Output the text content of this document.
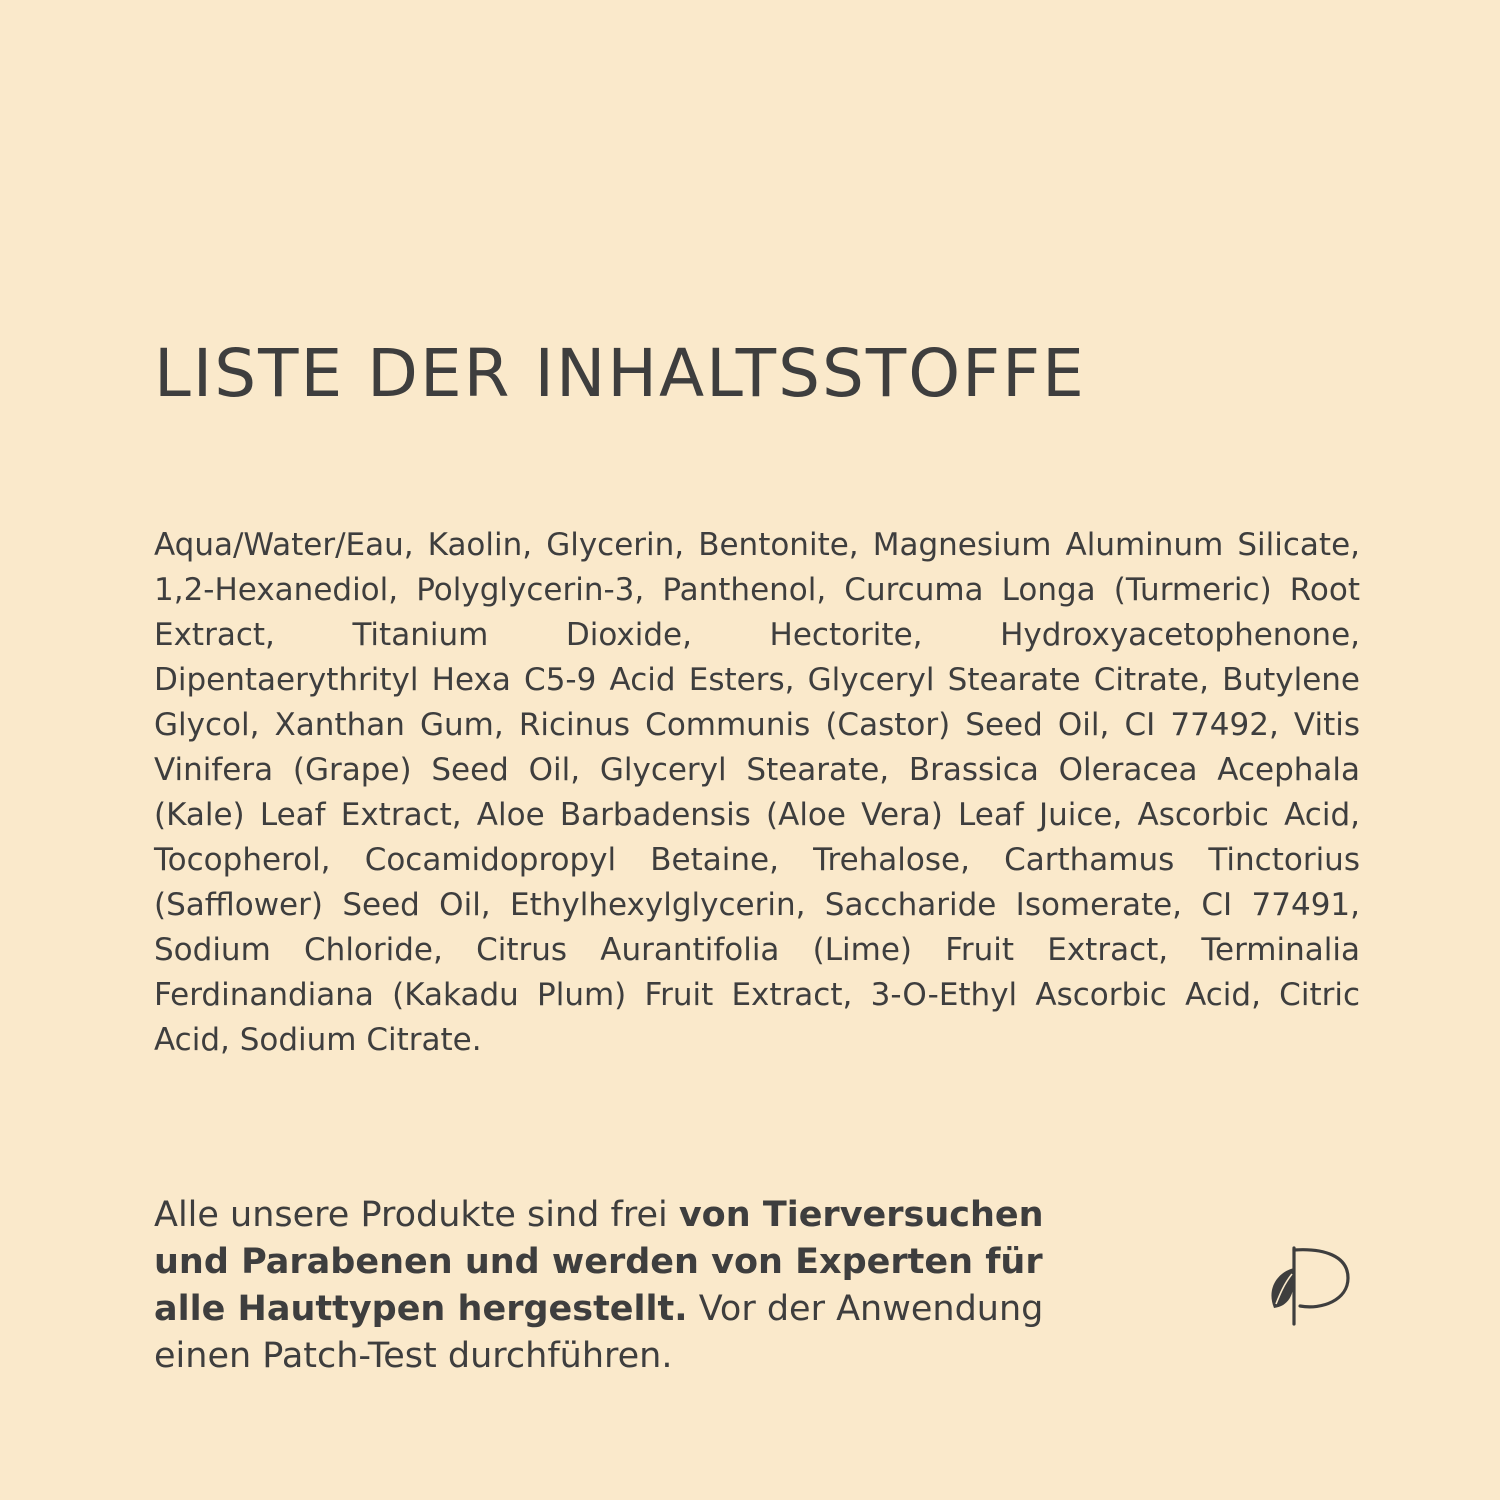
LISTE DER INHALTSSTOFFE

Aqua/Water/Eau, Kaolin, Glycerin, Bentonite, Magnesium Aluminum Silicate, 1,2-Hexanediol, Polyglycerin-3, Panthenol, Curcuma Longa (Turmeric) Root Extract, Titanium Dioxide, Hectorite, Hydroxyacetophenone, Dipentaerythrityl Hexa C5-9 Acid Esters, Glyceryl Stearate Citrate, Butylene Glycol, Xanthan Gum, Ricinus Communis (Castor) Seed Oil, CI 77492, Vitis Vinifera (Grape) Seed Oil, Glyceryl Stearate, Brassica Oleracea Acephala (Kale) Leaf Extract, Aloe Barbadensis (Aloe Vera) Leaf Juice, Ascorbic Acid, Tocopherol, Cocamidopropyl Betaine, Trehalose, Carthamus Tinctorius (Safflower) Seed Oil, Ethylhexylglycerin, Saccharide Isomerate, CI 77491, Sodium Chloride, Citrus Aurantifolia (Lime) Fruit Extract, Terminalia Ferdinandiana (Kakadu Plum) Fruit Extract, 3-O-Ethyl Ascorbic Acid, Citric Acid, Sodium Citrate.

Alle unsere Produkte sind frei von Tierversuchen und Parabenen und werden von Experten für alle Hauttypen hergestellt. Vor der Anwendung einen Patch-Test durchführen.
